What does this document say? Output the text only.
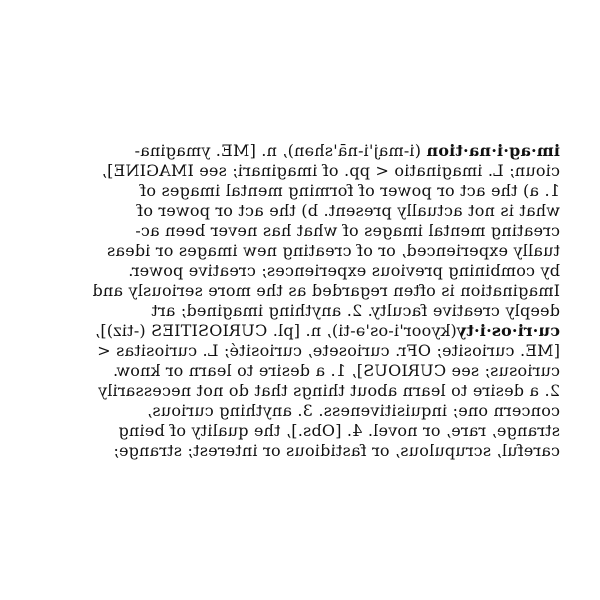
im·ag·i·na·tion (i-maj'i-nā'shən), n. [ME. ymagina-
cioun; L. imaginatio < pp. of imaginari; see IMAGINE],
1. a) the act or power of forming mental images of
what is not actually present. b) the act or power of
creating mental images of what has never been ac-
tually experienced, or of creating new images or ideas
by combining previous experiences; creative power.
Imagination is often regarded as the more seriously and
deeply creative faculty. 2. anything imagined; art
cu·ri·os·i·ty(kyoor'i-os'ə-ti), n. [pl. CURIOSITIES (-tiz)],
[ME. curiosite; OFr. curiosete, curiosité; L. curiositas <
curiosus; see CURIOUS], 1. a desire to learn or know.
2. a desire to learn about things that do not necessarily
concern one; inquisitiveness. 3. anything curious,
strange, rare, or novel. 4. [Obs.], the quality of being
careful, scrupulous, or fastidious or interest; strange;
